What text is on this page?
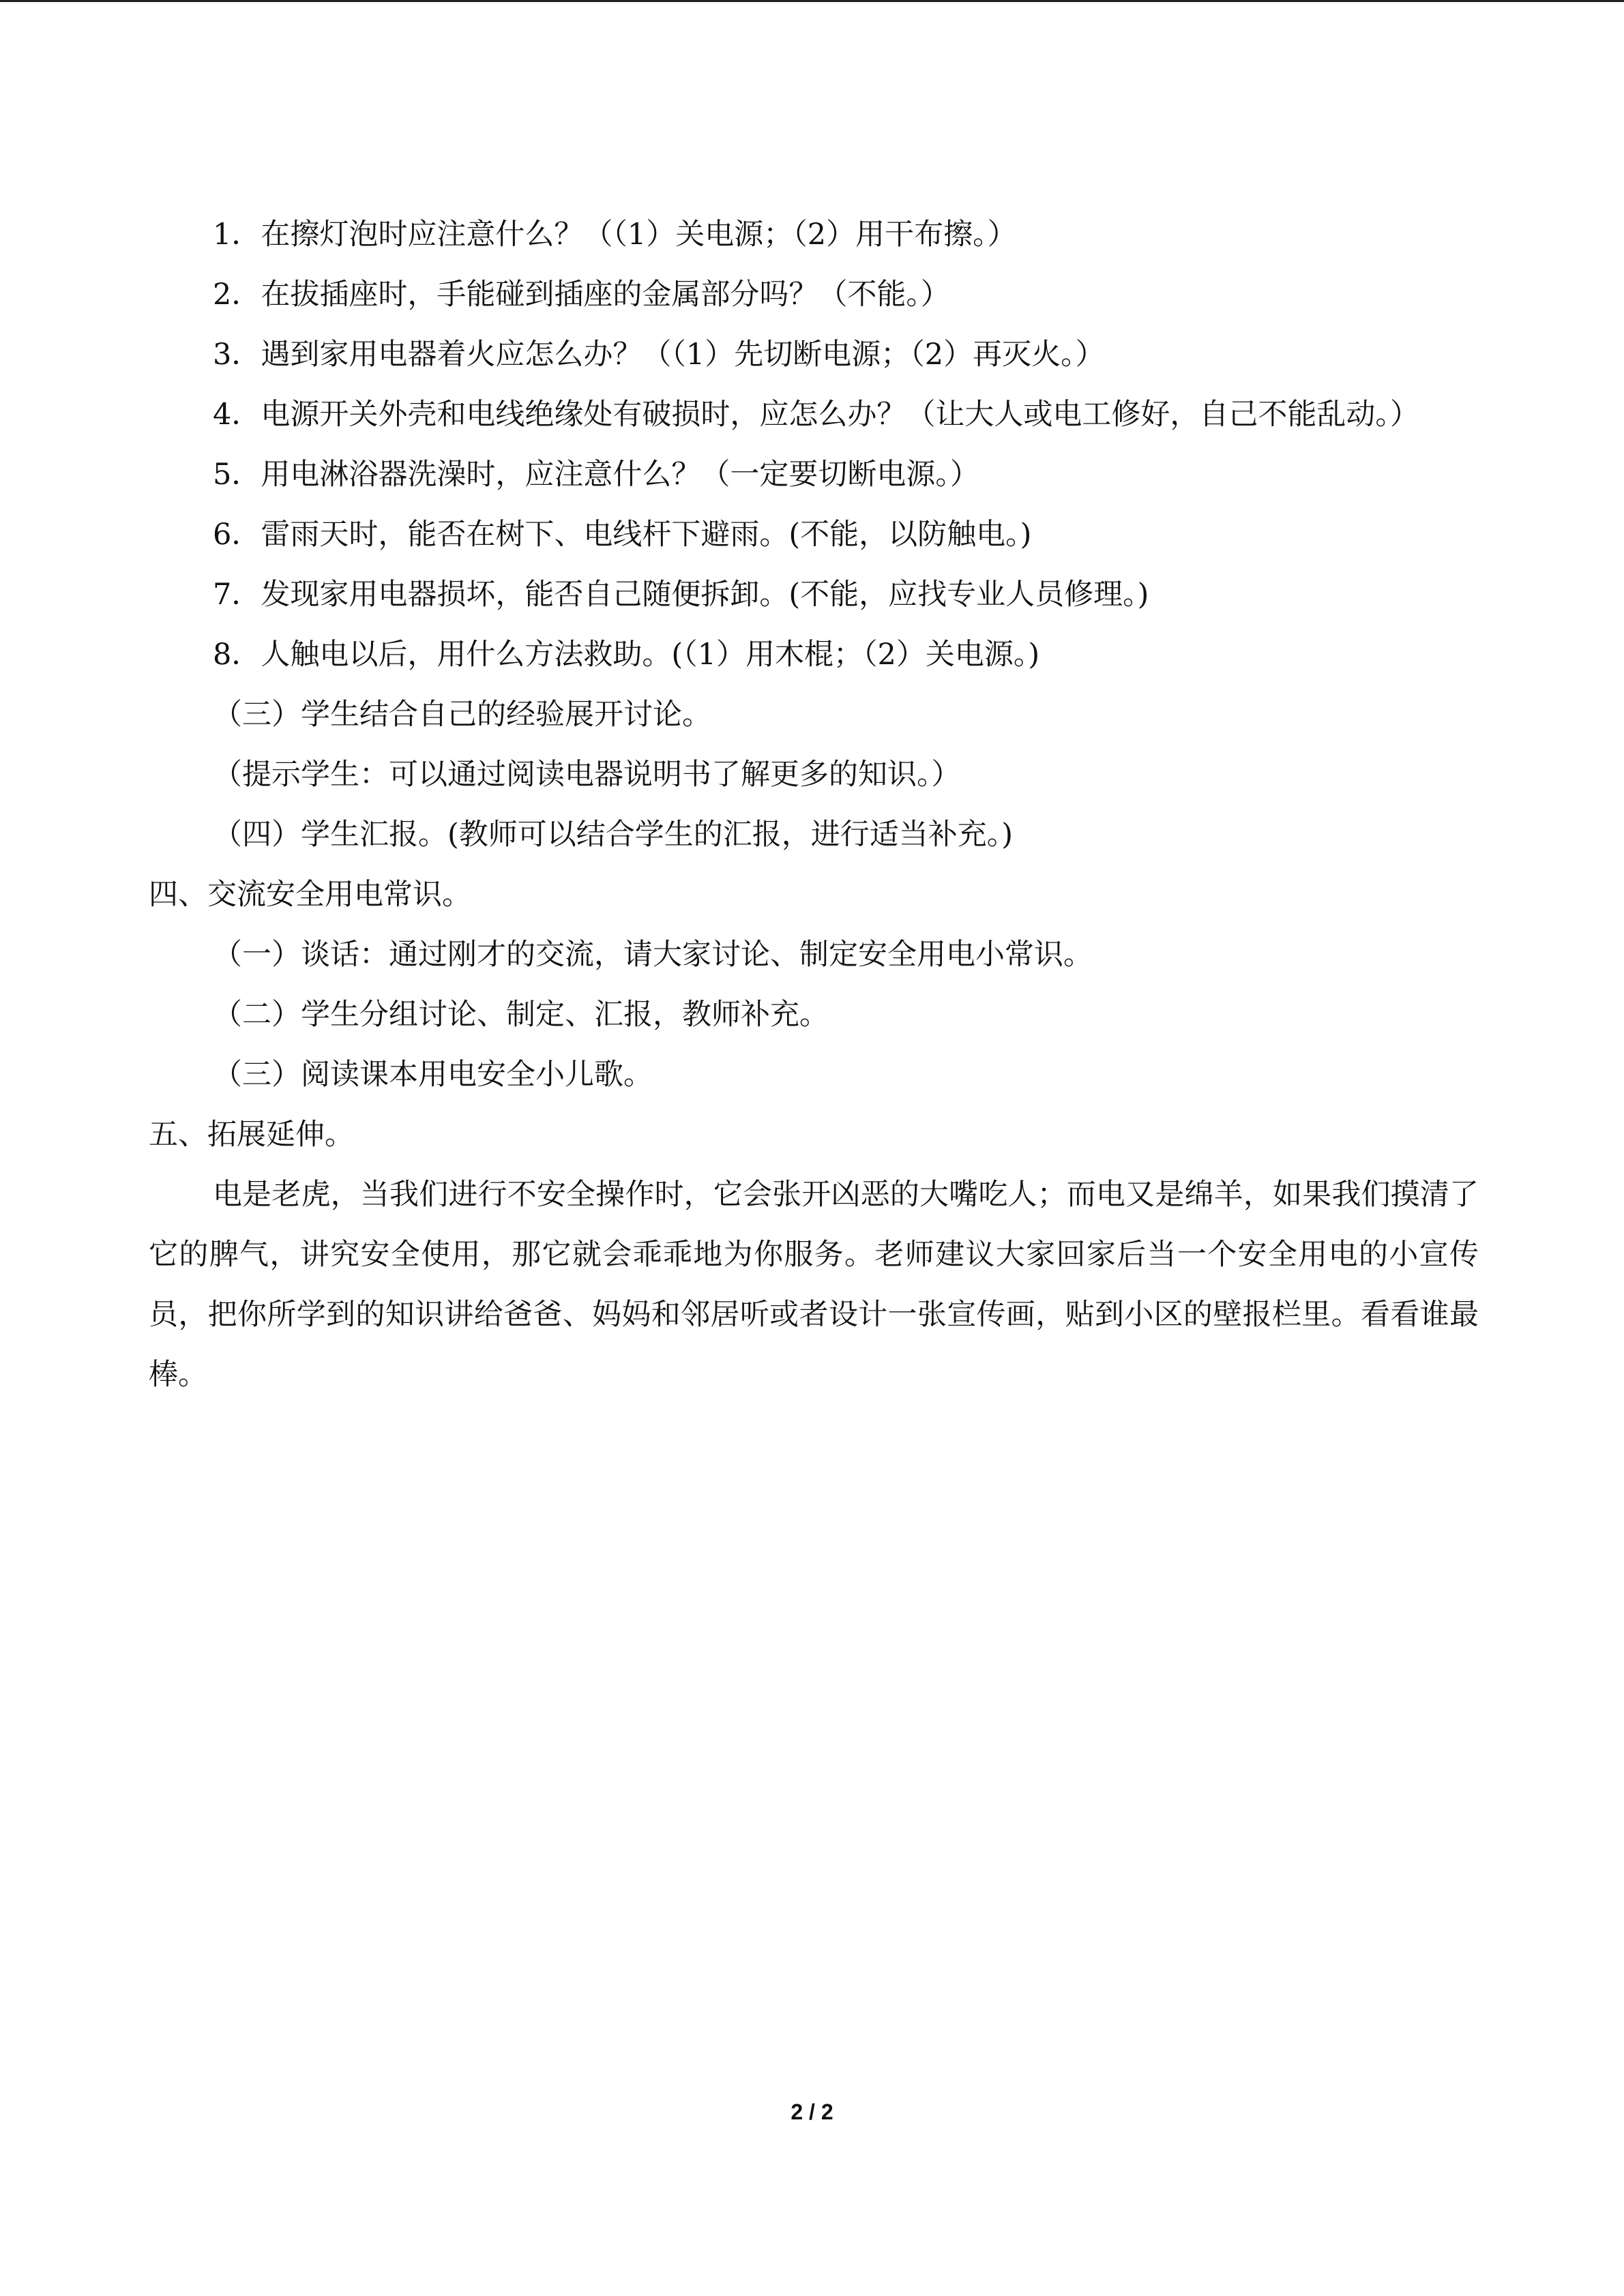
1．在擦灯泡时应注意什么？（（1）关电源；（2）用干布擦。）
2．在拔插座时，手能碰到插座的金属部分吗？（不能。）
3．遇到家用电器着火应怎么办？（（1）先切断电源；（2）再灭火。）
4．电源开关外壳和电线绝缘处有破损时，应怎么办？（让大人或电工修好，自己不能乱动。）
5．用电淋浴器洗澡时，应注意什么？（一定要切断电源。）
6．雷雨天时，能否在树下、电线杆下避雨。(不能，以防触电。)
7．发现家用电器损坏，能否自己随便拆卸。(不能，应找专业人员修理。)
8．人触电以后，用什么方法救助。(（1）用木棍；（2）关电源。)
（三）学生结合自己的经验展开讨论。
（提示学生：可以通过阅读电器说明书了解更多的知识。）
（四）学生汇报。(教师可以结合学生的汇报，进行适当补充。)
四、交流安全用电常识。
（一）谈话：通过刚才的交流，请大家讨论、制定安全用电小常识。
（二）学生分组讨论、制定、汇报，教师补充。
（三）阅读课本用电安全小儿歌。
五、拓展延伸。
电是老虎，当我们进行不安全操作时，它会张开凶恶的大嘴吃人；而电又是绵羊，如果我们摸清了它的脾气，讲究安全使用，那它就会乖乖地为你服务。老师建议大家回家后当一个安全用电的小宣传员，把你所学到的知识讲给爸爸、妈妈和邻居听或者设计一张宣传画，贴到小区的壁报栏里。看看谁最棒。
2 / 2
